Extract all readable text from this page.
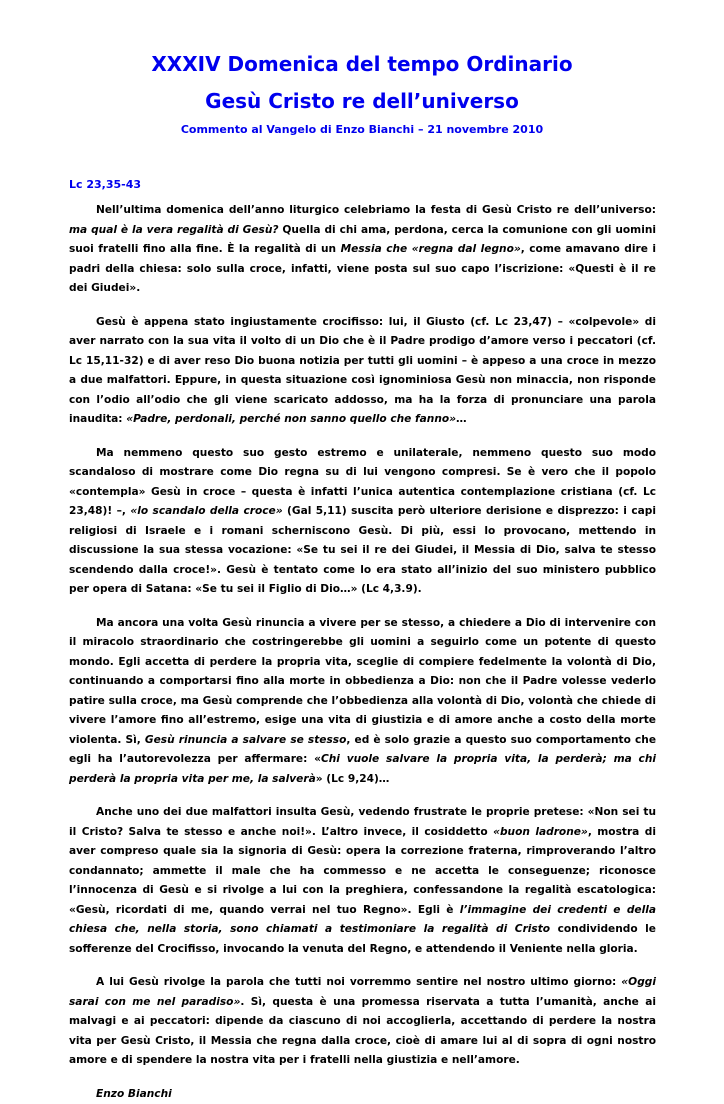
XXXIV Domenica del tempo Ordinario
Gesù Cristo re dell’universo

Commento al Vangelo di Enzo Bianchi – 21 novembre 2010

Lc 23,35-43

Nell’ultima domenica dell’anno liturgico celebriamo la festa di Gesù Cristo re dell’universo: ma qual è la vera regalità di Gesù? Quella di chi ama, perdona, cerca la comunione con gli uomini suoi fratelli fino alla fine. È la regalità di un Messia che «regna dal legno», come amavano dire i padri della chiesa: solo sulla croce, infatti, viene posta sul suo capo l’iscrizione: «Questi è il re dei Giudei».

Gesù è appena stato ingiustamente crocifisso: lui, il Giusto (cf. Lc 23,47) – «colpevole» di aver narrato con la sua vita il volto di un Dio che è il Padre prodigo d’amore verso i peccatori (cf. Lc 15,11-32) e di aver reso Dio buona notizia per tutti gli uomini – è appeso a una croce in mezzo a due malfattori. Eppure, in questa situazione così ignominiosa Gesù non minaccia, non risponde con l’odio all’odio che gli viene scaricato addosso, ma ha la forza di pronunciare una parola inaudita: «Padre, perdonali, perché non sanno quello che fanno»…

Ma nemmeno questo suo gesto estremo e unilaterale, nemmeno questo suo modo scandaloso di mostrare come Dio regna su di lui vengono compresi. Se è vero che il popolo «contempla» Gesù in croce – questa è infatti l’unica autentica contemplazione cristiana (cf. Lc 23,48)! –, «lo scandalo della croce» (Gal 5,11) suscita però ulteriore derisione e disprezzo: i capi religiosi di Israele e i romani scherniscono Gesù. Di più, essi lo provocano, mettendo in discussione la sua stessa vocazione: «Se tu sei il re dei Giudei, il Messia di Dio, salva te stesso scendendo dalla croce!». Gesù è tentato come lo era stato all’inizio del suo ministero pubblico per opera di Satana: «Se tu sei il Figlio di Dio…» (Lc 4,3.9).

Ma ancora una volta Gesù rinuncia a vivere per se stesso, a chiedere a Dio di intervenire con il miracolo straordinario che costringerebbe gli uomini a seguirlo come un potente di questo mondo. Egli accetta di perdere la propria vita, sceglie di compiere fedelmente la volontà di Dio, continuando a comportarsi fino alla morte in obbedienza a Dio: non che il Padre volesse vederlo patire sulla croce, ma Gesù comprende che l’obbedienza alla volontà di Dio, volontà che chiede di vivere l’amore fino all’estremo, esige una vita di giustizia e di amore anche a costo della morte violenta. Sì, Gesù rinuncia a salvare se stesso, ed è solo grazie a questo suo comportamento che egli ha l’autorevolezza per affermare: «Chi vuole salvare la propria vita, la perderà; ma chi perderà la propria vita per me, la salverà» (Lc 9,24)…

Anche uno dei due malfattori insulta Gesù, vedendo frustrate le proprie pretese: «Non sei tu il Cristo? Salva te stesso e anche noi!». L’altro invece, il cosiddetto «buon ladrone», mostra di aver compreso quale sia la signoria di Gesù: opera la correzione fraterna, rimproverando l’altro condannato; ammette il male che ha commesso e ne accetta le conseguenze; riconosce l’innocenza di Gesù e si rivolge a lui con la preghiera, confessandone la regalità escatologica: «Gesù, ricordati di me, quando verrai nel tuo Regno». Egli è l’immagine dei credenti e della chiesa che, nella storia, sono chiamati a testimoniare la regalità di Cristo condividendo le sofferenze del Crocifisso, invocando la venuta del Regno, e attendendo il Veniente nella gloria.

A lui Gesù rivolge la parola che tutti noi vorremmo sentire nel nostro ultimo giorno: «Oggi sarai con me nel paradiso». Sì, questa è una promessa riservata a tutta l’umanità, anche ai malvagi e ai peccatori: dipende da ciascuno di noi accoglierla, accettando di perdere la nostra vita per Gesù Cristo, il Messia che regna dalla croce, cioè di amare lui al di sopra di ogni nostro amore e di spendere la nostra vita per i fratelli nella giustizia e nell’amore.

Enzo Bianchi
